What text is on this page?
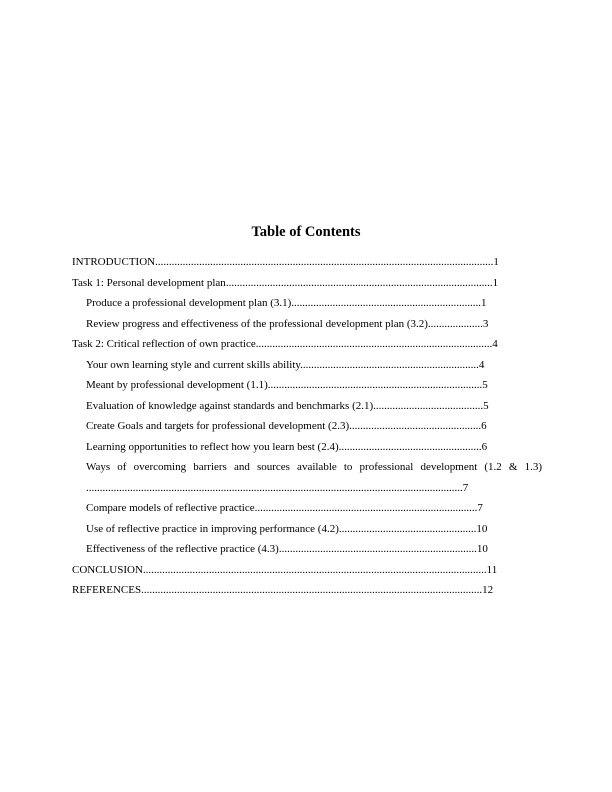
Table of Contents
INTRODUCTION...........................................................................................................................1
Task 1: Personal development plan.................................................................................................1
Produce a professional development plan (3.1).....................................................................1
Review progress and effectiveness of the professional development plan (3.2)....................3
Task 2: Critical reflection of own practice......................................................................................4
Your own learning style and current skills ability.................................................................4
Meant by professional development (1.1)..............................................................................5
Evaluation of knowledge against standards and benchmarks (2.1)........................................5
Create Goals and targets for professional development (2.3)................................................6
Learning opportunities to reflect how you learn best (2.4)....................................................6
Ways of overcoming barriers and sources available to professional development (1.2 & 1.3)
.........................................................................................................................................7
Compare models of reflective practice.................................................................................7
Use of reflective practice in improving performance (4.2)..................................................10
Effectiveness of the reflective practice (4.3)........................................................................10
CONCLUSION.............................................................................................................................11
REFERENCES............................................................................................................................12
